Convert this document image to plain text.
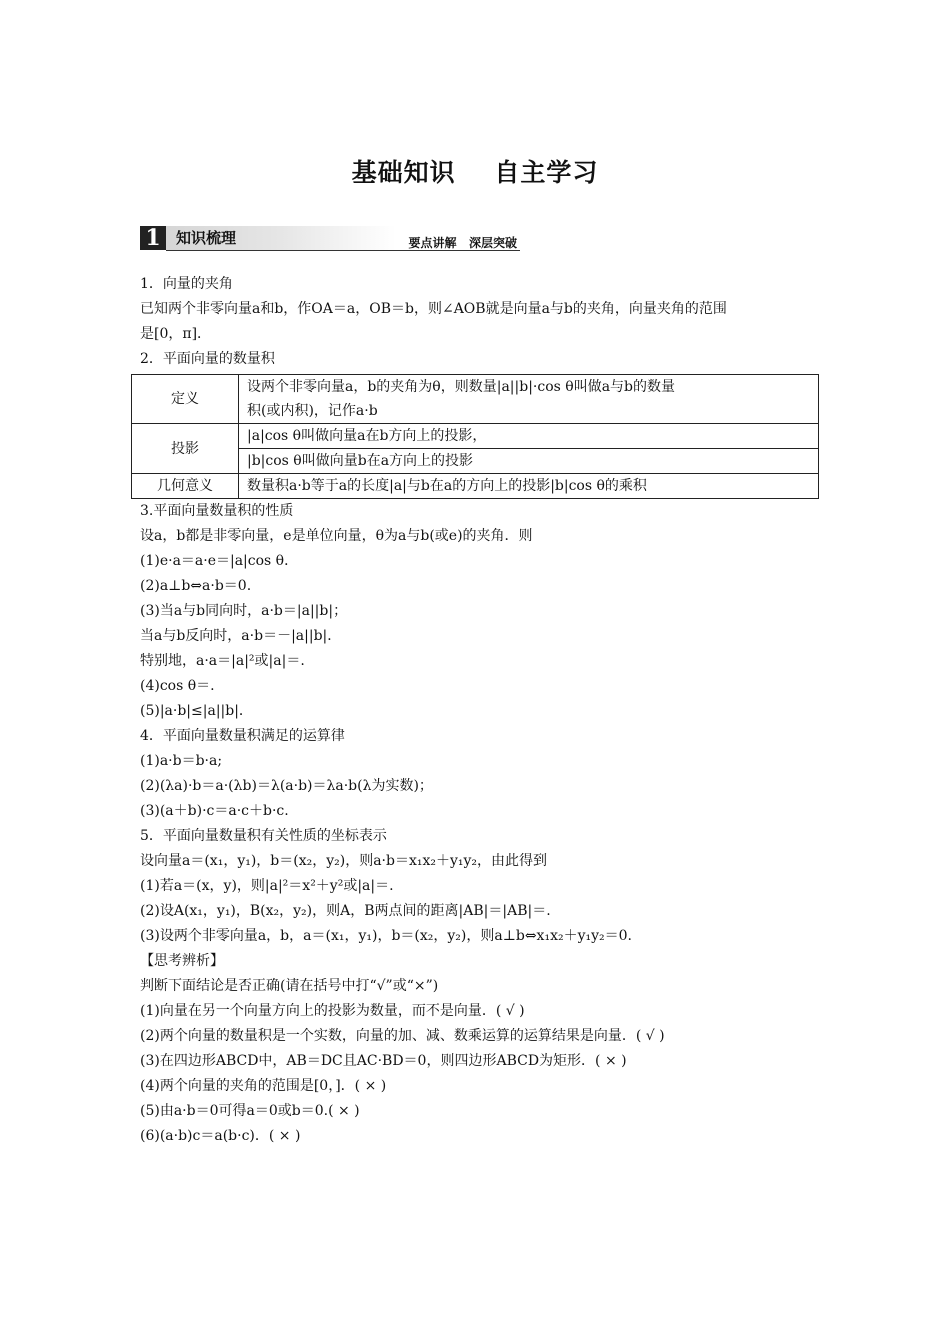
基础知识    自主学习
1	知识梳理	要点讲解   深层突破
1．向量的夹角
已知两个非零向量a和b，作OA＝a，OB＝b，则∠AOB就是向量a与b的夹角，向量夹角的范围
是[0，π]．
2．平面向量的数量积
定义	设两个非零向量a，b的夹角为θ，则数量|a||b|·cos θ叫做a与b的数量
积(或内积)，记作a·b

投影	|a|cos θ叫做向量a在b方向上的投影，
	|b|cos θ叫做向量b在a方向上的投影
几何意义	数量积a·b等于a的长度|a|与b在a的方向上的投影|b|cos θ的乘积
3.平面向量数量积的性质
设a，b都是非零向量，e是单位向量，θ为a与b(或e)的夹角．则
(1)e·a＝a·e＝|a|cos θ．
(2)a⊥b⇔a·b＝0.
(3)当a与b同向时，a·b＝|a||b|；
当a与b反向时，a·b＝－|a||b|．
特别地，a·a＝|a|²或|a|＝.
(4)cos θ＝.
(5)|a·b|≤|a||b|．
4．平面向量数量积满足的运算律
(1)a·b＝b·a;
(2)(λa)·b＝a·(λb)＝λ(a·b)＝λa·b(λ为实数)；
(3)(a＋b)·c＝a·c＋b·c.
5．平面向量数量积有关性质的坐标表示
设向量a＝(x₁，y₁)，b＝(x₂，y₂)，则a·b＝x₁x₂＋y₁y₂，由此得到
(1)若a＝(x，y)，则|a|²＝x²＋y²或|a|＝.
(2)设A(x₁，y₁)，B(x₂，y₂)，则A，B两点间的距离|AB|＝|AB|＝.
(3)设两个非零向量a，b，a＝(x₁，y₁)，b＝(x₂，y₂)，则a⊥b⇔x₁x₂＋y₁y₂＝0.
【思考辨析】
判断下面结论是否正确(请在括号中打“√”或“×”)
(1)向量在另一个向量方向上的投影为数量，而不是向量．( √ )
(2)两个向量的数量积是一个实数，向量的加、减、数乘运算的运算结果是向量．( √ )
(3)在四边形ABCD中，AB＝DC且AC·BD＝0，则四边形ABCD为矩形．( × )
(4)两个向量的夹角的范围是[0，]．( × )
(5)由a·b＝0可得a＝0或b＝0.( × )
(6)(a·b)c＝a(b·c)．( × )
